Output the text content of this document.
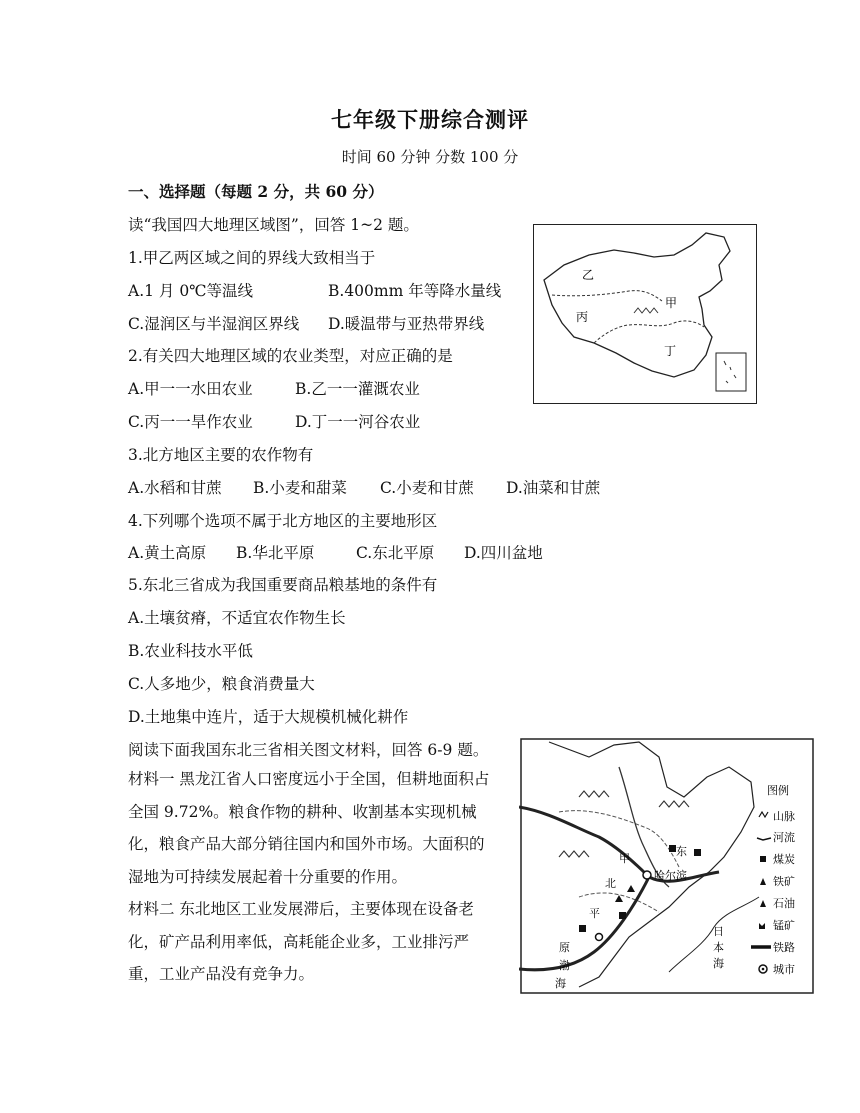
七年级下册综合测评
时间 60 分钟 分数 100 分
一、选择题（每题 2 分，共 60 分）
读“我国四大地理区域图”，回答 1~2 题。
1.甲乙两区域之间的界线大致相当于
A.1 月 0℃等温线	B.400mm 年等降水量线
C.湿润区与半湿润区界线 D.暖温带与亚热带界线
2.有关四大地理区域的农业类型，对应正确的是
A.甲一一水田农业	B.乙一一灌溉农业
C.丙一一旱作农业	D.丁一一河谷农业
3.北方地区主要的农作物有
A.水稻和甘蔗 B.小麦和甜菜 C.小麦和甘蔗 D.油菜和甘蔗
4.下列哪个选项不属于北方地区的主要地形区
A.黄土高原 B.华北平原	C.东北平原 D.四川盆地
5.东北三省成为我国重要商品粮基地的条件有
A.土壤贫瘠，不适宜农作物生长
B.农业科技水平低
C.人多地少，粮食消费量大
D.土地集中连片，适于大规模机械化耕作
阅读下面我国东北三省相关图文材料，回答 6-9 题。
材料一 黑龙江省人口密度远小于全国，但耕地面积占全国 9.72%。粮食作物的耕种、收割基本实现机械化，粮食产品大部分销往国内和国外市场。大面积的湿地为可持续发展起着十分重要的作用。
材料二 东北地区工业发展滞后，主要体现在设备老化，矿产品利用率低，高耗能企业多，工业排污严重，工业产品没有竞争力。
甲
乙
丙
丁
东
甲
北
平
原
哈尔滨
日
本
海
渤
海
图例
山脉
河流
煤炭
铁矿
石油
锰矿
铁路
城市
